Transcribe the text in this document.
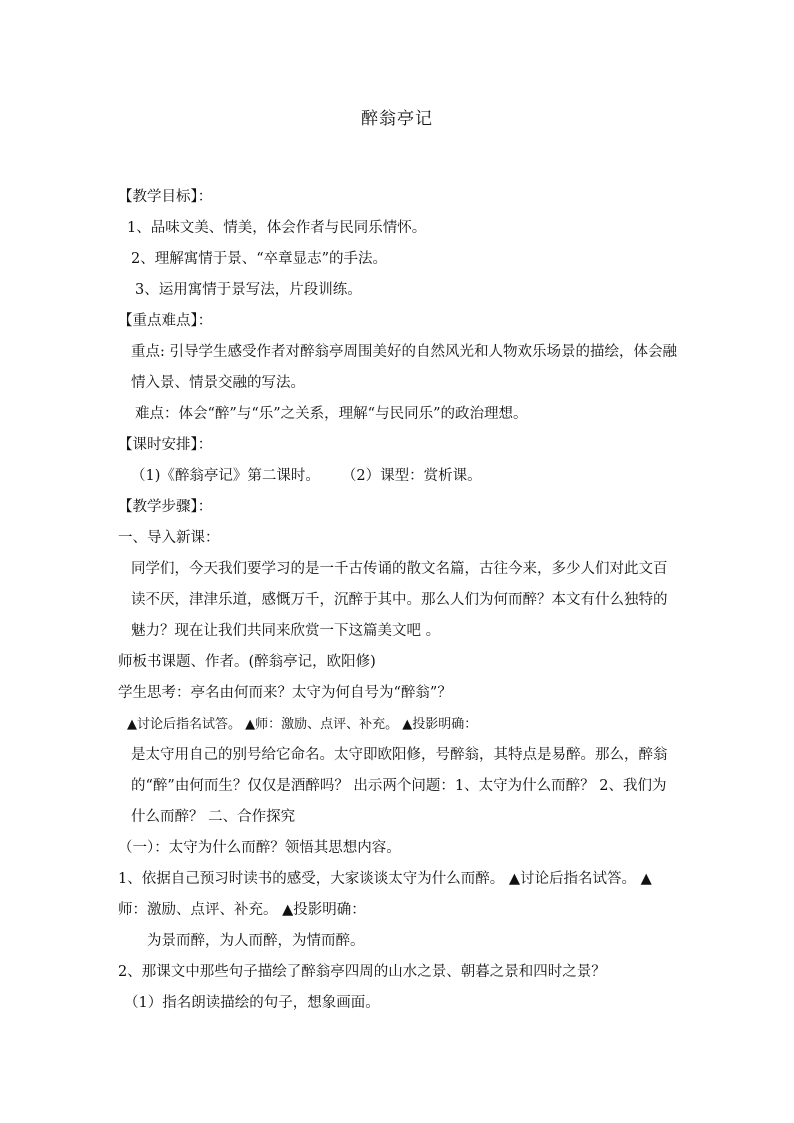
醉翁亭记
【教学目标】：
1、品味文美、情美，体会作者与民同乐情怀。
2、理解寓情于景、“卒章显志”的手法。
3、运用寓情于景写法，片段训练。
【重点难点】：
重点: 引导学生感受作者对醉翁亭周围美好的自然风光和人物欢乐场景的描绘，体会融情入景、情景交融的写法。
难点：体会“醉”与“乐”之关系，理解“与民同乐”的政治理想。
【课时安排】：
（1)《醉翁亭记》第二课时。 （2）课型：赏析课。
【教学步骤】：
一、导入新课：
同学们，今天我们要学习的是一千古传诵的散文名篇，古往今来，多少人们对此文百读不厌，津津乐道，感慨万千，沉醉于其中。那么人们为何而醉？本文有什么独特的魅力？现在让我们共同来欣赏一下这篇美文吧 。
师板书课题、作者。(醉翁亭记，欧阳修)
学生思考：亭名由何而来？太守为何自号为“醉翁”？
▲讨论后指名试答。 ▲师：激励、点评、补充。 ▲投影明确：
是太守用自己的别号给它命名。太守即欧阳修，号醉翁，其特点是易醉。那么，醉翁的“醉”由何而生？仅仅是酒醉吗？ 出示两个问题：1、太守为什么而醉？ 2、我们为什么而醉？ 二、合作探究
（一）：太守为什么而醉？领悟其思想内容。
1、依据自己预习时读书的感受，大家谈谈太守为什么而醉。 ▲讨论后指名试答。 ▲师：激励、点评、补充。 ▲投影明确：
为景而醉，为人而醉，为情而醉。
2、那课文中那些句子描绘了醉翁亭四周的山水之景、朝暮之景和四时之景？
（1）指名朗读描绘的句子，想象画面。
